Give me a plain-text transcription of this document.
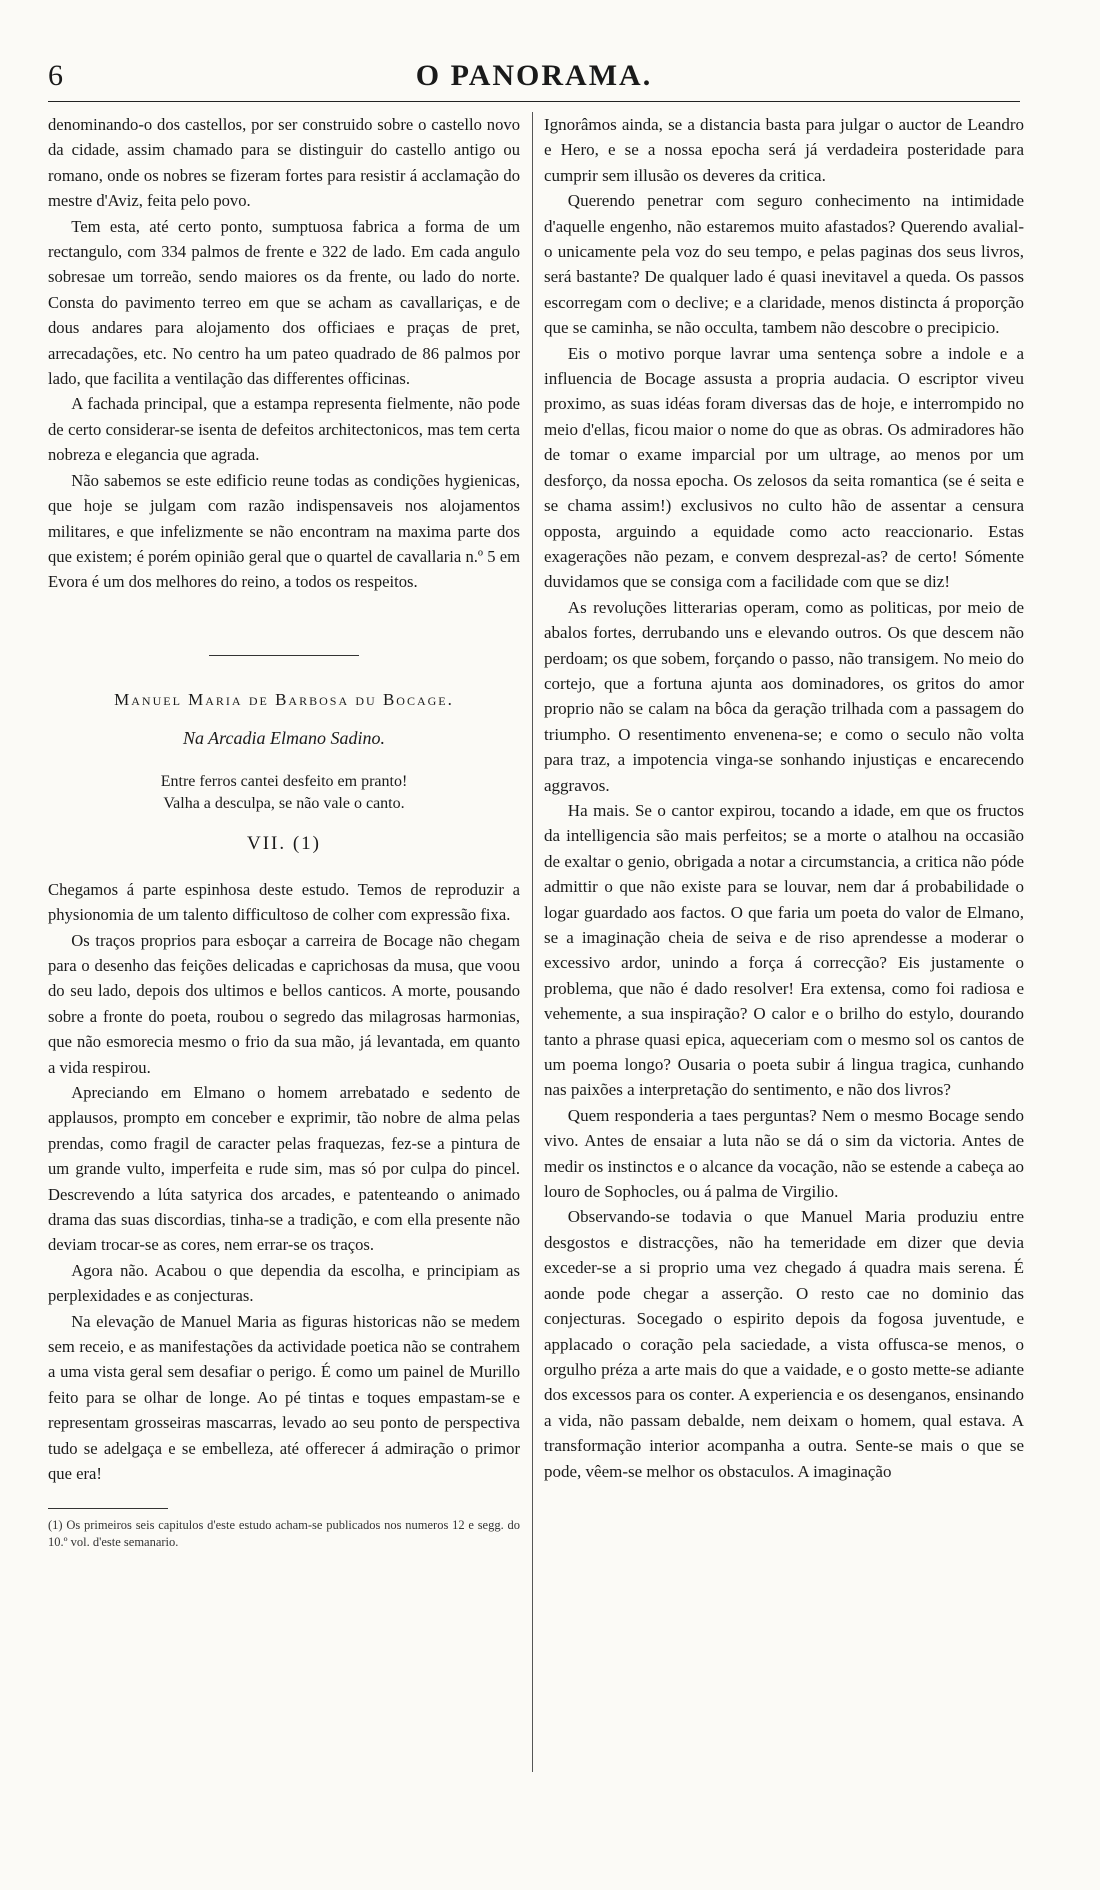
6	O PANORAMA.

denominando-o dos castellos, por ser construido sobre o castello novo da cidade, assim chamado para se distinguir do castello antigo ou romano, onde os nobres se fizeram fortes para resistir á acclamação do mestre d'Aviz, feita pelo povo.

Tem esta, até certo ponto, sumptuosa fabrica a forma de um rectangulo, com 334 palmos de frente e 322 de lado. Em cada angulo sobresae um torreão, sendo maiores os da frente, ou lado do norte. Consta do pavimento terreo em que se acham as cavallariças, e de dous andares para alojamento dos officiaes e praças de pret, arrecadações, etc. No centro ha um pateo quadrado de 86 palmos por lado, que facilita a ventilação das differentes officinas.

A fachada principal, que a estampa representa fielmente, não pode de certo considerar-se isenta de defeitos architectonicos, mas tem certa nobreza e elegancia que agrada.

Não sabemos se este edificio reune todas as condições hygienicas, que hoje se julgam com razão indispensaveis nos alojamentos militares, e que infelizmente se não encontram na maxima parte dos que existem; é porém opinião geral que o quartel de cavallaria n.º 5 em Evora é um dos melhores do reino, a todos os respeitos.

Manuel Maria de Barbosa du Bocage.
Na Arcadia Elmano Sadino.
Entre ferros cantei desfeito em pranto!
Valha a desculpa, se não vale o canto.
VII. (1)

Chegamos á parte espinhosa deste estudo. Temos de reproduzir a physionomia de um talento difficultoso de colher com expressão fixa.

Os traços proprios para esboçar a carreira de Bocage não chegam para o desenho das feições delicadas e caprichosas da musa, que voou do seu lado, depois dos ultimos e bellos canticos. A morte, pousando sobre a fronte do poeta, roubou o segredo das milagrosas harmonias, que não esmorecia mesmo o frio da sua mão, já levantada, em quanto a vida respirou.

Apreciando em Elmano o homem arrebatado e sedento de applausos, prompto em conceber e exprimir, tão nobre de alma pelas prendas, como fragil de caracter pelas fraquezas, fez-se a pintura de um grande vulto, imperfeita e rude sim, mas só por culpa do pincel. Descrevendo a lúta satyrica dos arcades, e patenteando o animado drama das suas discordias, tinha-se a tradição, e com ella presente não deviam trocar-se as cores, nem errar-se os traços.

Agora não. Acabou o que dependia da escolha, e principiam as perplexidades e as conjecturas.

Na elevação de Manuel Maria as figuras historicas não se medem sem receio, e as manifestações da actividade poetica não se contrahem a uma vista geral sem desafiar o perigo. É como um painel de Murillo feito para se olhar de longe. Ao pé tintas e toques empastam-se e representam grosseiras mascarras, levado ao seu ponto de perspectiva tudo se adelgaça e se embelleza, até offerecer á admiração o primor que era!

(1) Os primeiros seis capitulos d'este estudo acham-se publicados nos numeros 12 e segg. do 10.º vol. d'este semanario.

Ignorâmos ainda, se a distancia basta para julgar o auctor de Leandro e Hero, e se a nossa epocha será já verdadeira posteridade para cumprir sem illusão os deveres da critica.

Querendo penetrar com seguro conhecimento na intimidade d'aquelle engenho, não estaremos muito afastados? Querendo avalial-o unicamente pela voz do seu tempo, e pelas paginas dos seus livros, será bastante? De qualquer lado é quasi inevitavel a queda. Os passos escorregam com o declive; e a claridade, menos distincta á proporção que se caminha, se não occulta, tambem não descobre o precipicio.

Eis o motivo porque lavrar uma sentença sobre a indole e a influencia de Bocage assusta a propria audacia. O escriptor viveu proximo, as suas idéas foram diversas das de hoje, e interrompido no meio d'ellas, ficou maior o nome do que as obras. Os admiradores hão de tomar o exame imparcial por um ultrage, ao menos por um desforço, da nossa epocha. Os zelosos da seita romantica (se é seita e se chama assim!) exclusivos no culto hão de assentar a censura opposta, arguindo a equidade como acto reaccionario. Estas exagerações não pezam, e convem desprezal-as? de certo! Sómente duvidamos que se consiga com a facilidade com que se diz!

As revoluções litterarias operam, como as politicas, por meio de abalos fortes, derrubando uns e elevando outros. Os que descem não perdoam; os que sobem, forçando o passo, não transigem. No meio do cortejo, que a fortuna ajunta aos dominadores, os gritos do amor proprio não se calam na bôca da geração trilhada com a passagem do triumpho. O resentimento envenena-se; e como o seculo não volta para traz, a impotencia vinga-se sonhando injustiças e encarecendo aggravos.

Ha mais. Se o cantor expirou, tocando a idade, em que os fructos da intelligencia são mais perfeitos; se a morte o atalhou na occasião de exaltar o genio, obrigada a notar a circumstancia, a critica não póde admittir o que não existe para se louvar, nem dar á probabilidade o logar guardado aos factos. O que faria um poeta do valor de Elmano, se a imaginação cheia de seiva e de riso aprendesse a moderar o excessivo ardor, unindo a força á correcção? Eis justamente o problema, que não é dado resolver! Era extensa, como foi radiosa e vehemente, a sua inspiração? O calor e o brilho do estylo, dourando tanto a phrase quasi epica, aqueceriam com o mesmo sol os cantos de um poema longo? Ousaria o poeta subir á lingua tragica, cunhando nas paixões a interpretação do sentimento, e não dos livros?

Quem responderia a taes perguntas? Nem o mesmo Bocage sendo vivo. Antes de ensaiar a luta não se dá o sim da victoria. Antes de medir os instinctos e o alcance da vocação, não se estende a cabeça ao louro de Sophocles, ou á palma de Virgilio.

Observando-se todavia o que Manuel Maria produziu entre desgostos e distracções, não ha temeridade em dizer que devia exceder-se a si proprio uma vez chegado á quadra mais serena. É aonde pode chegar a asserção. O resto cae no dominio das conjecturas. Socegado o espirito depois da fogosa juventude, e applacado o coração pela saciedade, a vista offusca-se menos, o orgulho préza a arte mais do que a vaidade, e o gosto mette-se adiante dos excessos para os conter. A experiencia e os desenganos, ensinando a vida, não passam debalde, nem deixam o homem, qual estava. A transformação interior acompanha a outra. Sente-se mais o que se pode, vêem-se melhor os obstaculos. A imaginação
